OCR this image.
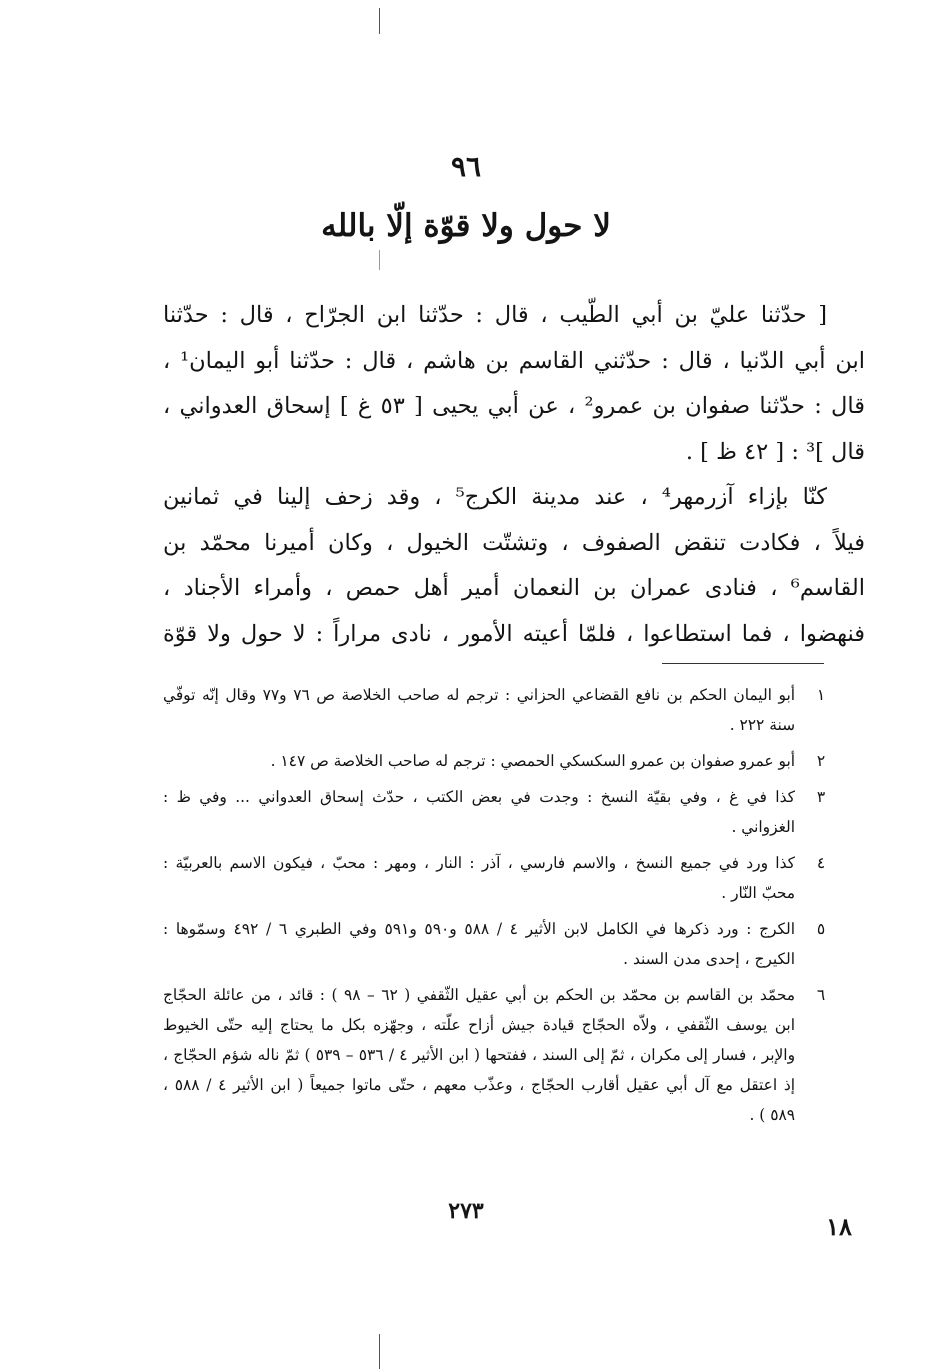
٩٦
لا حول ولا قوّة إلّا بالله
[ حدّثنا عليّ بن أبي الطّيب ، قال : حدّثنا ابن الجرّاح ، قال : حدّثنا
ابن أبي الدّنيا ، قال : حدّثني القاسم بن هاشم ، قال : حدّثنا أبو اليمان¹ ،
قال : حدّثنا صفوان بن عمرو² ، عن أبي يحيى [ ٥٣ غ ] إسحاق العدواني ،
قال ]³ : [ ٤٢ ظ ] .
كنّا بإزاء آزرمهر⁴ ، عند مدينة الكرج⁵ ، وقد زحف إلينا في ثمانين
فيلاً ، فكادت تنقض الصفوف ، وتشتّت الخيول ، وكان أميرنا محمّد بن
القاسم⁶ ، فنادى عمران بن النعمان أمير أهل حمص ، وأمراء الأجناد ،
فنهضوا ، فما استطاعوا ، فلمّا أعيته الأمور ، نادى مراراً : لا حول ولا قوّة
١
أبو اليمان الحكم بن نافع القضاعي الحزاني : ترجم له صاحب الخلاصة ص ٧٦ و٧٧ وقال إنّه توفّي
سنة ٢٢٢ .
٢
أبو عمرو صفوان بن عمرو السكسكي الحمصي : ترجم له صاحب الخلاصة ص ١٤٧ .
٣
كذا في غ ، وفي بقيّة النسخ : وجدت في بعض الكتب ، حدّث إسحاق العدواني ... وفي ظ :
الغزواني .
٤
كذا ورد في جميع النسخ ، والاسم فارسي ، آذر : النار ، ومهر : محبّ ، فيكون الاسم بالعربيّة :
محبّ النّار .
٥
الكرج : ورد ذكرها في الكامل لابن الأثير ٤ / ٥٨٨ و٥٩٠ و٥٩١ وفي الطبري ٦ / ٤٩٢ وسمّوها :
الكيرج ، إحدى مدن السند .
٦
محمّد بن القاسم بن محمّد بن الحكم بن أبي عقيل الثّقفي ( ٦٢ – ٩٨ ) : قائد ، من عائلة الحجّاج
ابن يوسف الثّقفي ، ولاّه الحجّاج قيادة جيش أزاح علّته ، وجهّزه بكل ما يحتاج إليه حتّى الخيوط
والإبر ، فسار إلى مكران ، ثمّ إلى السند ، ففتحها ( ابن الأثير ٤ / ٥٣٦ – ٥٣٩ ) ثمّ ناله شؤم الحجّاج ،
إذ اعتقل مع آل أبي عقيل أقارب الحجّاج ، وعذّب معهم ، حتّى ماتوا جميعاً ( ابن الأثير ٤ / ٥٨٨ ،
٥٨٩ ) .
٢٧٣
١٨
